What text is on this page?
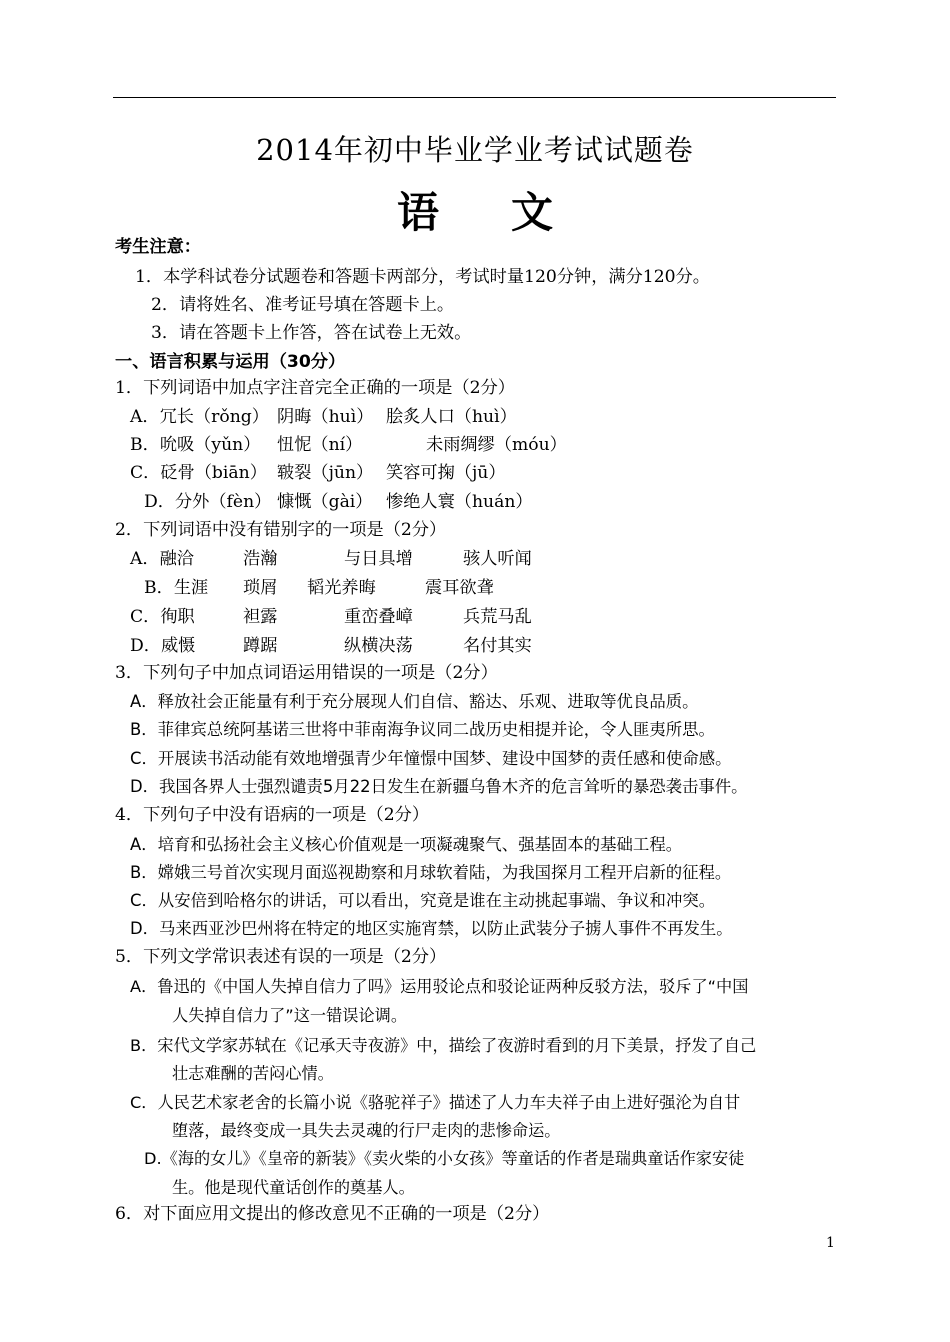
2014年初中毕业学业考试试题卷
语 文
考生注意：
1．本学科试卷分试题卷和答题卡两部分，考试时量120分钟，满分120分。
2．请将姓名、准考证号填在答题卡上。
3．请在答题卡上作答，答在试卷上无效。
一、语言积累与运用（30分）
1．下列词语中加点字注音完全正确的一项是（2分）
A．冗长（rǒng） 阴晦（huì） 脍炙人口（huì）
B．吮吸（yǔn） 忸怩（ní）	未雨绸缪（móu）
C．砭骨（biān） 皲裂（jūn） 笑容可掬（jū）
D．分外（fèn） 慷慨（gài） 惨绝人寰（huán）
2．下列词语中没有错别字的一项是（2分）
A．融洽	浩瀚	与日具增	骇人听闻
B．生涯 琐屑 韬光养晦	震耳欲聋
C．徇职	袒露	重峦叠嶂	兵荒马乱
D．威慑	蹲踞	纵横决荡	名付其实
3．下列句子中加点词语运用错误的一项是（2分）
A．释放社会正能量有利于充分展现人们自信、豁达、乐观、进取等优良品质。
B．菲律宾总统阿基诺三世将中菲南海争议同二战历史相提并论，令人匪夷所思。
C．开展读书活动能有效地增强青少年憧憬中国梦、建设中国梦的责任感和使命感。
D．我国各界人士强烈谴责5月22日发生在新疆乌鲁木齐的危言耸听的暴恐袭击事件。
4．下列句子中没有语病的一项是（2分）
A．培育和弘扬社会主义核心价值观是一项凝魂聚气、强基固本的基础工程。
B．嫦娥三号首次实现月面巡视勘察和月球软着陆，为我国探月工程开启新的征程。
C．从安倍到哈格尔的讲话，可以看出，究竟是谁在主动挑起事端、争议和冲突。
D．马来西亚沙巴州将在特定的地区实施宵禁，以防止武装分子掳人事件不再发生。
5．下列文学常识表述有误的一项是（2分）
A．鲁迅的《中国人失掉自信力了吗》运用驳论点和驳论证两种反驳方法，驳斥了“中国
人失掉自信力了”这一错误论调。
B．宋代文学家苏轼在《记承天寺夜游》中，描绘了夜游时看到的月下美景，抒发了自己
壮志难酬的苦闷心情。
C．人民艺术家老舍的长篇小说《骆驼祥子》描述了人力车夫祥子由上进好强沦为自甘
堕落，最终变成一具失去灵魂的行尸走肉的悲惨命运。
D.《海的女儿》《皇帝的新装》《卖火柴的小女孩》等童话的作者是瑞典童话作家安徒
生。他是现代童话创作的奠基人。
6．对下面应用文提出的修改意见不正确的一项是（2分）
1
